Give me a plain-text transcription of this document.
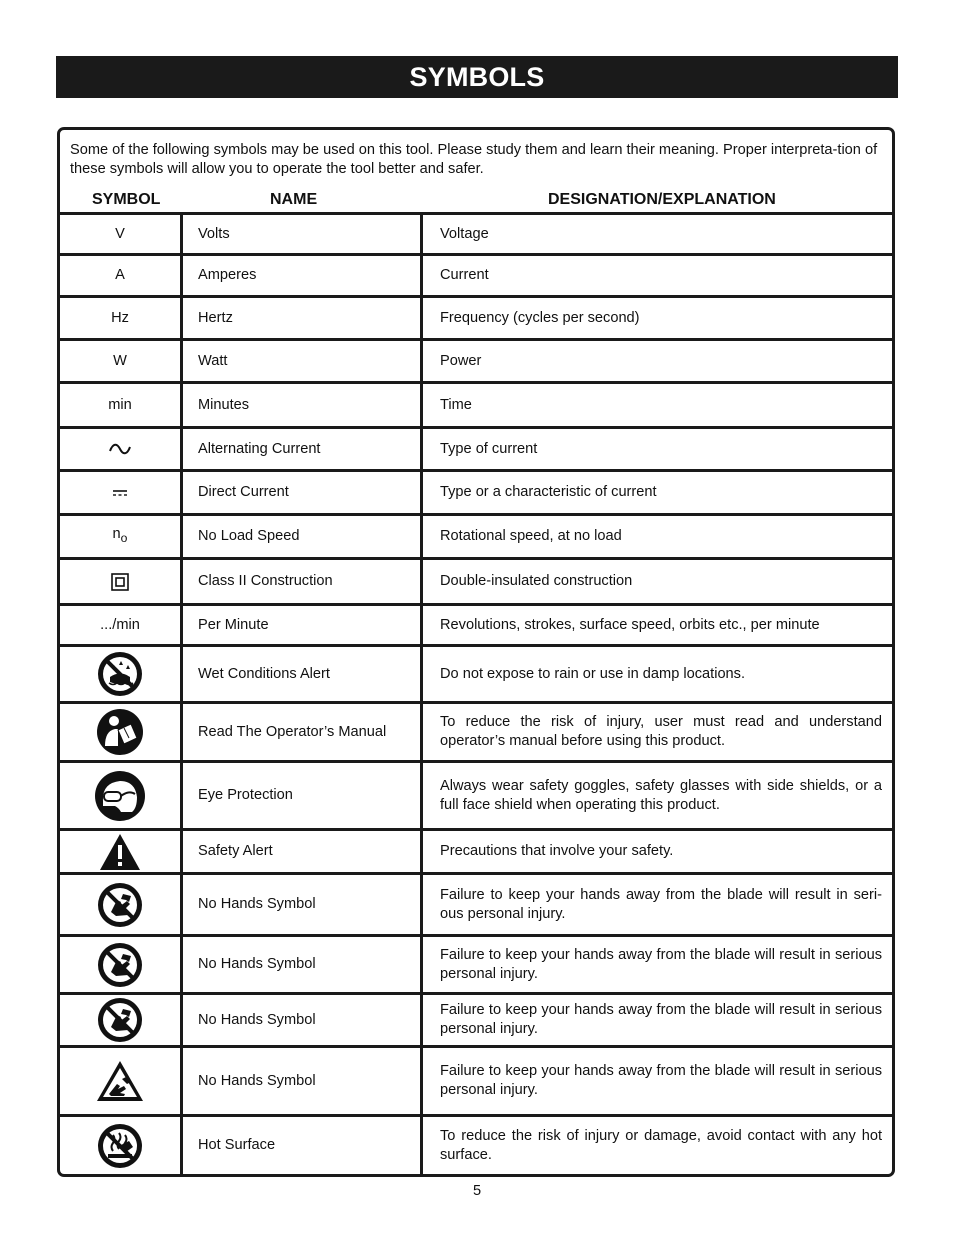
SYMBOLS
Some of the following symbols may be used on this tool. Please study them and learn their meaning. Proper interpreta-tion of these symbols will allow you to operate the tool better and safer.
SYMBOL	NAME	DESIGNATION/EXPLANATION
V	Volts	Voltage
A	Amperes	Current
Hz	Hertz	Frequency (cycles per second)
W	Watt	Power
min	Minutes	Time

	Alternating Current	Type of current

	Direct Current	Type or a characteristic of current
$n_o$	No Load Speed	Rotational speed, at no load

	Class II Construction	Double-insulated construction
.../min	Per Minute	Revolutions, strokes, surface speed, orbits etc., per minute

	Wet Conditions Alert	Do not expose to rain or use in damp locations.

	Read The Operator’s Manual	To reduce the risk of injury, user must read and understand operator’s manual before using this product.

	Eye Protection	Always wear safety goggles, safety glasses with side shields, or a full face shield when operating this product.

	Safety Alert	Precautions that involve your safety.

	No Hands Symbol	Failure to keep your hands away from the blade will result in seri-ous personal injury.

	No Hands Symbol	Failure to keep your hands away from the blade will result in serious personal injury.

	No Hands Symbol	Failure to keep your hands away from the blade will result in serious personal injury.

	No Hands Symbol	Failure to keep your hands away from the blade will result in serious personal injury.

	Hot Surface	To reduce the risk of injury or damage, avoid contact with any hot surface.
5
